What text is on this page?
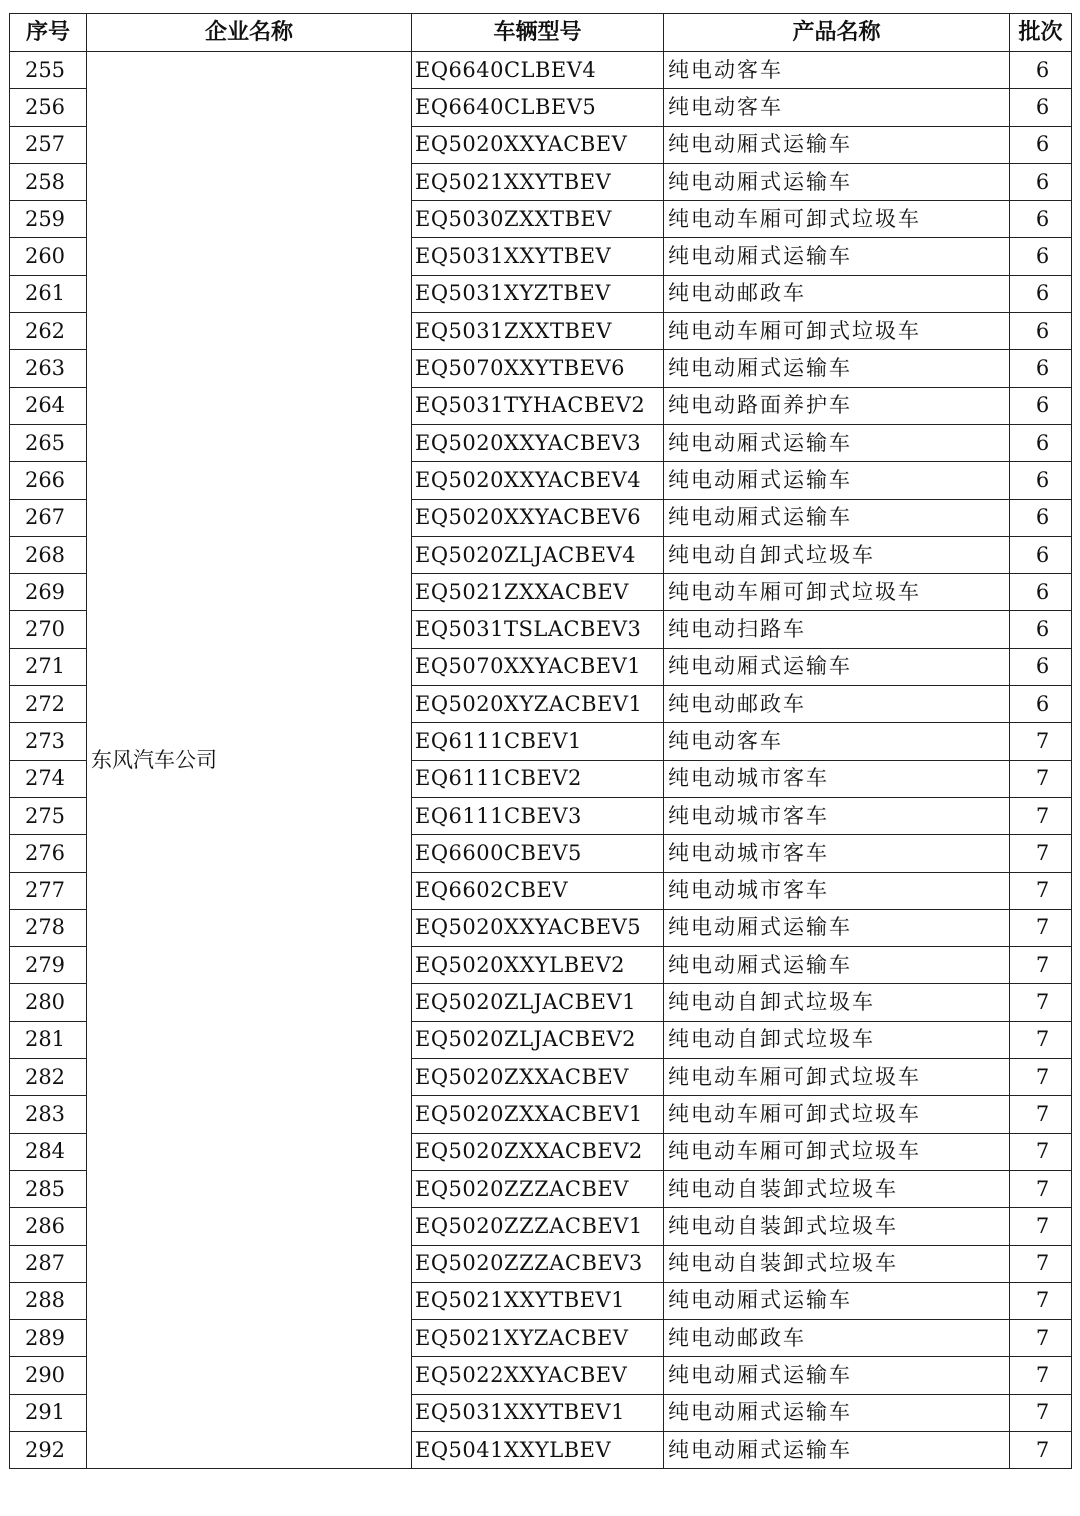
序号	企业名称	车辆型号	产品名称	批次
255	东风汽车公司	EQ6640CLBEV4	纯电动客车	6
256		EQ6640CLBEV5	纯电动客车	6
257		EQ5020XXYACBEV	纯电动厢式运输车	6
258		EQ5021XXYTBEV	纯电动厢式运输车	6
259		EQ5030ZXXTBEV	纯电动车厢可卸式垃圾车	6
260		EQ5031XXYTBEV	纯电动厢式运输车	6
261		EQ5031XYZTBEV	纯电动邮政车	6
262		EQ5031ZXXTBEV	纯电动车厢可卸式垃圾车	6
263		EQ5070XXYTBEV6	纯电动厢式运输车	6
264		EQ5031TYHACBEV2	纯电动路面养护车	6
265		EQ5020XXYACBEV3	纯电动厢式运输车	6
266		EQ5020XXYACBEV4	纯电动厢式运输车	6
267		EQ5020XXYACBEV6	纯电动厢式运输车	6
268		EQ5020ZLJACBEV4	纯电动自卸式垃圾车	6
269		EQ5021ZXXACBEV	纯电动车厢可卸式垃圾车	6
270		EQ5031TSLACBEV3	纯电动扫路车	6
271		EQ5070XXYACBEV1	纯电动厢式运输车	6
272		EQ5020XYZACBEV1	纯电动邮政车	6
273		EQ6111CBEV1	纯电动客车	7
274		EQ6111CBEV2	纯电动城市客车	7
275		EQ6111CBEV3	纯电动城市客车	7
276		EQ6600CBEV5	纯电动城市客车	7
277		EQ6602CBEV	纯电动城市客车	7
278		EQ5020XXYACBEV5	纯电动厢式运输车	7
279		EQ5020XXYLBEV2	纯电动厢式运输车	7
280		EQ5020ZLJACBEV1	纯电动自卸式垃圾车	7
281		EQ5020ZLJACBEV2	纯电动自卸式垃圾车	7
282		EQ5020ZXXACBEV	纯电动车厢可卸式垃圾车	7
283		EQ5020ZXXACBEV1	纯电动车厢可卸式垃圾车	7
284		EQ5020ZXXACBEV2	纯电动车厢可卸式垃圾车	7
285		EQ5020ZZZACBEV	纯电动自装卸式垃圾车	7
286		EQ5020ZZZACBEV1	纯电动自装卸式垃圾车	7
287		EQ5020ZZZACBEV3	纯电动自装卸式垃圾车	7
288		EQ5021XXYTBEV1	纯电动厢式运输车	7
289		EQ5021XYZACBEV	纯电动邮政车	7
290		EQ5022XXYACBEV	纯电动厢式运输车	7
291		EQ5031XXYTBEV1	纯电动厢式运输车	7
292		EQ5041XXYLBEV	纯电动厢式运输车	7
